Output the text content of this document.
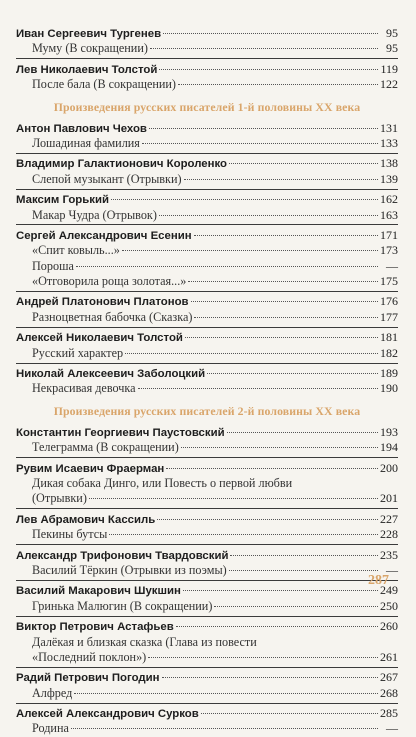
Иван Сергеевич Тургенев	95
Муму (В сокращении)	95
Лев Николаевич Толстой	119
После бала (В сокращении)	122
Произведения русских писателей 1-й половины XX века
Антон Павлович Чехов	131
Лошадиная фамилия	133
Владимир Галактионович Короленко	138
Слепой музыкант (Отрывки)	139
Максим Горький	162
Макар Чудра (Отрывок)	163
Сергей Александрович Есенин	171
«Спит ковыль...»	173
Пороша	—
«Отговорила роща золотая...»	175
Андрей Платонович Платонов	176
Разноцветная бабочка (Сказка)	177
Алексей Николаевич Толстой	181
Русский характер	182
Николай Алексеевич Заболоцкий	189
Некрасивая девочка	190
Произведения русских писателей 2-й половины XX века
Константин Георгиевич Паустовский	193
Телеграмма (В сокращении)	194
Рувим Исаевич Фраерман	200
Дикая собака Динго, или Повесть о первой любви
(Отрывки)	201
Лев Абрамович Кассиль	227
Пекины бутсы	228
Александр Трифонович Твардовский	235
Василий Тёркин (Отрывки из поэмы)	—
Василий Макарович Шукшин	249
Гринька Малюгин (В сокращении)	250
Виктор Петрович Астафьев	260
Далёкая и близкая сказка (Глава из повести
«Последний поклон»)	261
Радий Петрович Погодин	267
Алфред	268
Алексей Александрович Сурков	285
Родина	—
287
